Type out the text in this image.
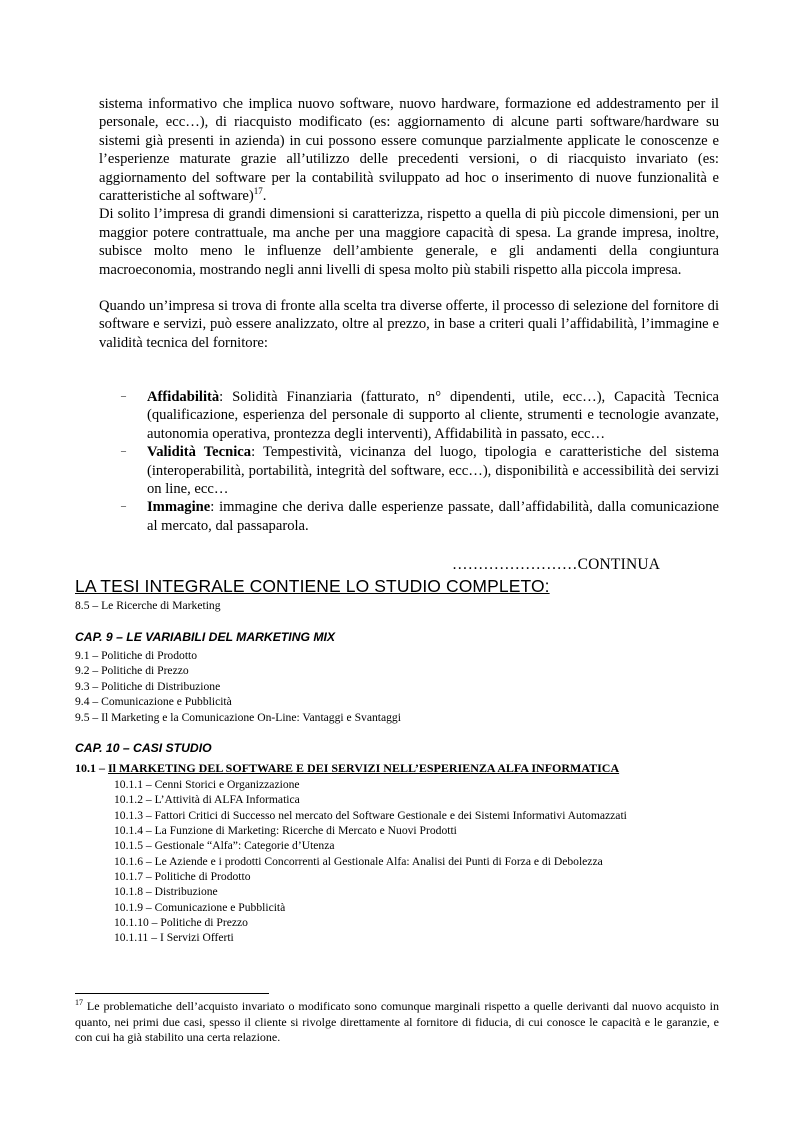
sistema informativo che implica nuovo software, nuovo hardware, formazione ed addestramento per il personale, ecc…), di riacquisto modificato (es: aggiornamento di alcune parti software/hardware su sistemi già presenti in azienda) in cui possono essere comunque parzialmente applicate le conoscenze e l’esperienze maturate grazie all’utilizzo delle precedenti versioni, o di riacquisto invariato (es: aggiornamento del software per la contabilità sviluppato ad hoc o inserimento di nuove funzionalità e caratteristiche al software)$^{17}$.

Di solito l’impresa di grandi dimensioni si caratterizza, rispetto a quella di più piccole dimensioni, per un maggior potere contrattuale, ma anche per una maggiore capacità di spesa. La grande impresa, inoltre, subisce molto meno le influenze dell’ambiente generale, e gli andamenti della congiuntura macroeconomia, mostrando negli anni livelli di spesa molto più stabili rispetto alla piccola impresa.

Quando un’impresa si trova di fronte alla scelta tra diverse offerte, il processo di selezione del fornitore di software e servizi, può essere analizzato, oltre al prezzo, in base a criteri quali l’affidabilità, l’immagine e validità tecnica del fornitore:

– Affidabilità: Solidità Finanziaria (fatturato, n° dipendenti, utile, ecc…), Capacità Tecnica (qualificazione, esperienza del personale di supporto al cliente, strumenti e tecnologie avanzate, autonomia operativa, prontezza degli interventi), Affidabilità in passato, ecc…
– Validità Tecnica: Tempestività, vicinanza del luogo, tipologia e caratteristiche del sistema (interoperabilità, portabilità, integrità del software, ecc…), disponibilità e accessibilità dei servizi on line, ecc…
– Immagine: immagine che deriva dalle esperienze passate, dall’affidabilità, dalla comunicazione al mercato, dal passaparola.
……………………CONTINUA
LA TESI INTEGRALE CONTIENE LO STUDIO COMPLETO:
8.5 – Le Ricerche di Marketing
CAP. 9 – LE VARIABILI DEL MARKETING MIX
9.1 – Politiche di Prodotto
9.2 – Politiche di Prezzo
9.3 – Politiche di Distribuzione
9.4 – Comunicazione e Pubblicità
9.5 – Il Marketing e la Comunicazione On-Line: Vantaggi e Svantaggi
CAP. 10 – CASI STUDIO
10.1 – Il MARKETING DEL SOFTWARE E DEI SERVIZI NELL’ESPERIENZA ALFA INFORMATICA
10.1.1 – Cenni Storici e Organizzazione
10.1.2 – L’Attività di ALFA Informatica
10.1.3 – Fattori Critici di Successo nel mercato del Software Gestionale e dei Sistemi Informativi Automazzati
10.1.4 – La Funzione di Marketing: Ricerche di Mercato e Nuovi Prodotti
10.1.5 – Gestionale “Alfa”: Categorie d’Utenza
10.1.6 – Le Aziende e i prodotti Concorrenti al Gestionale Alfa: Analisi dei Punti di Forza e di Debolezza
10.1.7 – Politiche di Prodotto
10.1.8 – Distribuzione
10.1.9 – Comunicazione e Pubblicità
10.1.10 – Politiche di Prezzo
10.1.11 – I Servizi Offerti
$^{17}$ Le problematiche dell’acquisto invariato o modificato sono comunque marginali rispetto a quelle derivanti dal nuovo acquisto in quanto, nei primi due casi, spesso il cliente si rivolge direttamente al fornitore di fiducia, di cui conosce le capacità e le garanzie, e con cui ha già stabilito una certa relazione.
